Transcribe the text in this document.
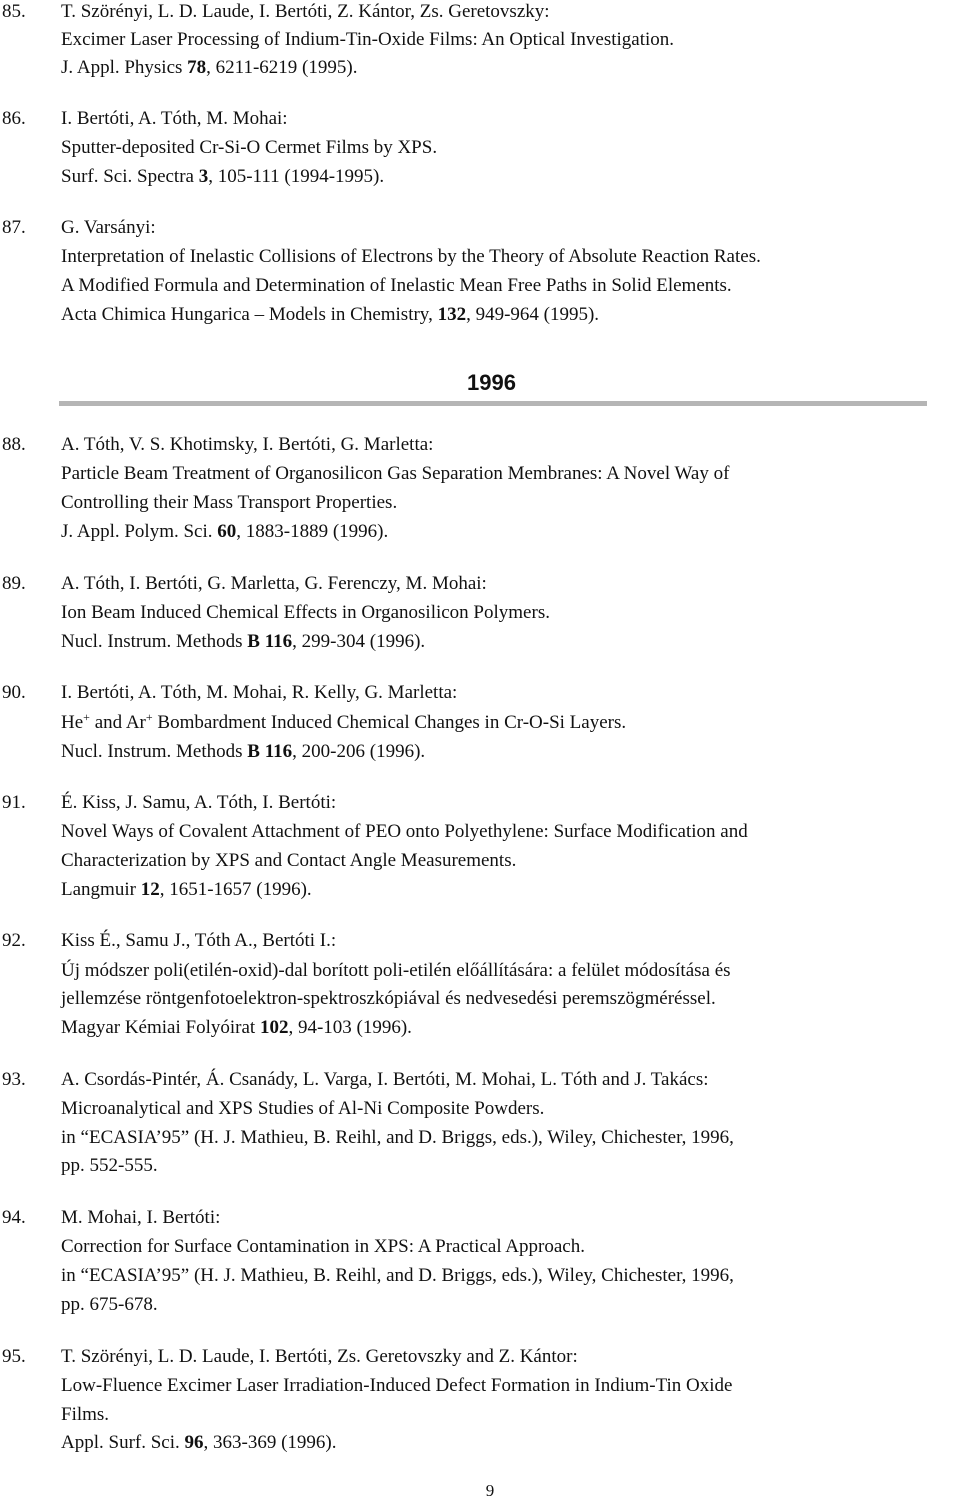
85. T. Szörényi, L. D. Laude, I. Bertóti, Z. Kántor, Zs. Geretovszky:
Excimer Laser Processing of Indium-Tin-Oxide Films: An Optical Investigation.
J. Appl. Physics 78, 6211-6219 (1995).
86. I. Bertóti, A. Tóth, M. Mohai:
Sputter-deposited Cr-Si-O Cermet Films by XPS.
Surf. Sci. Spectra 3, 105-111 (1994-1995).
87. G. Varsányi:
Interpretation of Inelastic Collisions of Electrons by the Theory of Absolute Reaction Rates.
A Modified Formula and Determination of Inelastic Mean Free Paths in Solid Elements.
Acta Chimica Hungarica – Models in Chemistry, 132, 949-964 (1995).
1996
88. A. Tóth, V. S. Khotimsky, I. Bertóti, G. Marletta:
Particle Beam Treatment of Organosilicon Gas Separation Membranes: A Novel Way of
Controlling their Mass Transport Properties.
J. Appl. Polym. Sci. 60, 1883-1889 (1996).
89. A. Tóth, I. Bertóti, G. Marletta, G. Ferenczy, M. Mohai:
Ion Beam Induced Chemical Effects in Organosilicon Polymers.
Nucl. Instrum. Methods B 116, 299-304 (1996).
90. I. Bertóti, A. Tóth, M. Mohai, R. Kelly, G. Marletta:
He+ and Ar+ Bombardment Induced Chemical Changes in Cr-O-Si Layers.
Nucl. Instrum. Methods B 116, 200-206 (1996).
91. É. Kiss, J. Samu, A. Tóth, I. Bertóti:
Novel Ways of Covalent Attachment of PEO onto Polyethylene: Surface Modification and
Characterization by XPS and Contact Angle Measurements.
Langmuir 12, 1651-1657 (1996).
92. Kiss É., Samu J., Tóth A., Bertóti I.:
Új módszer poli(etilén-oxid)-dal borított poli-etilén előállítására: a felület módosítása és
jellemzése röntgenfotoelektron-spektroszkópiával és nedvesedési peremszögméréssel.
Magyar Kémiai Folyóirat 102, 94-103 (1996).
93. A. Csordás-Pintér, Á. Csanády, L. Varga, I. Bertóti, M. Mohai, L. Tóth and J. Takács:
Microanalytical and XPS Studies of Al-Ni Composite Powders.
in “ECASIA’95” (H. J. Mathieu, B. Reihl, and D. Briggs, eds.), Wiley, Chichester, 1996,
pp. 552-555.
94. M. Mohai, I. Bertóti:
Correction for Surface Contamination in XPS: A Practical Approach.
in “ECASIA’95” (H. J. Mathieu, B. Reihl, and D. Briggs, eds.), Wiley, Chichester, 1996,
pp. 675-678.
95. T. Szörényi, L. D. Laude, I. Bertóti, Zs. Geretovszky and Z. Kántor:
Low-Fluence Excimer Laser Irradiation-Induced Defect Formation in Indium-Tin Oxide
Films.
Appl. Surf. Sci. 96, 363-369 (1996).
9
